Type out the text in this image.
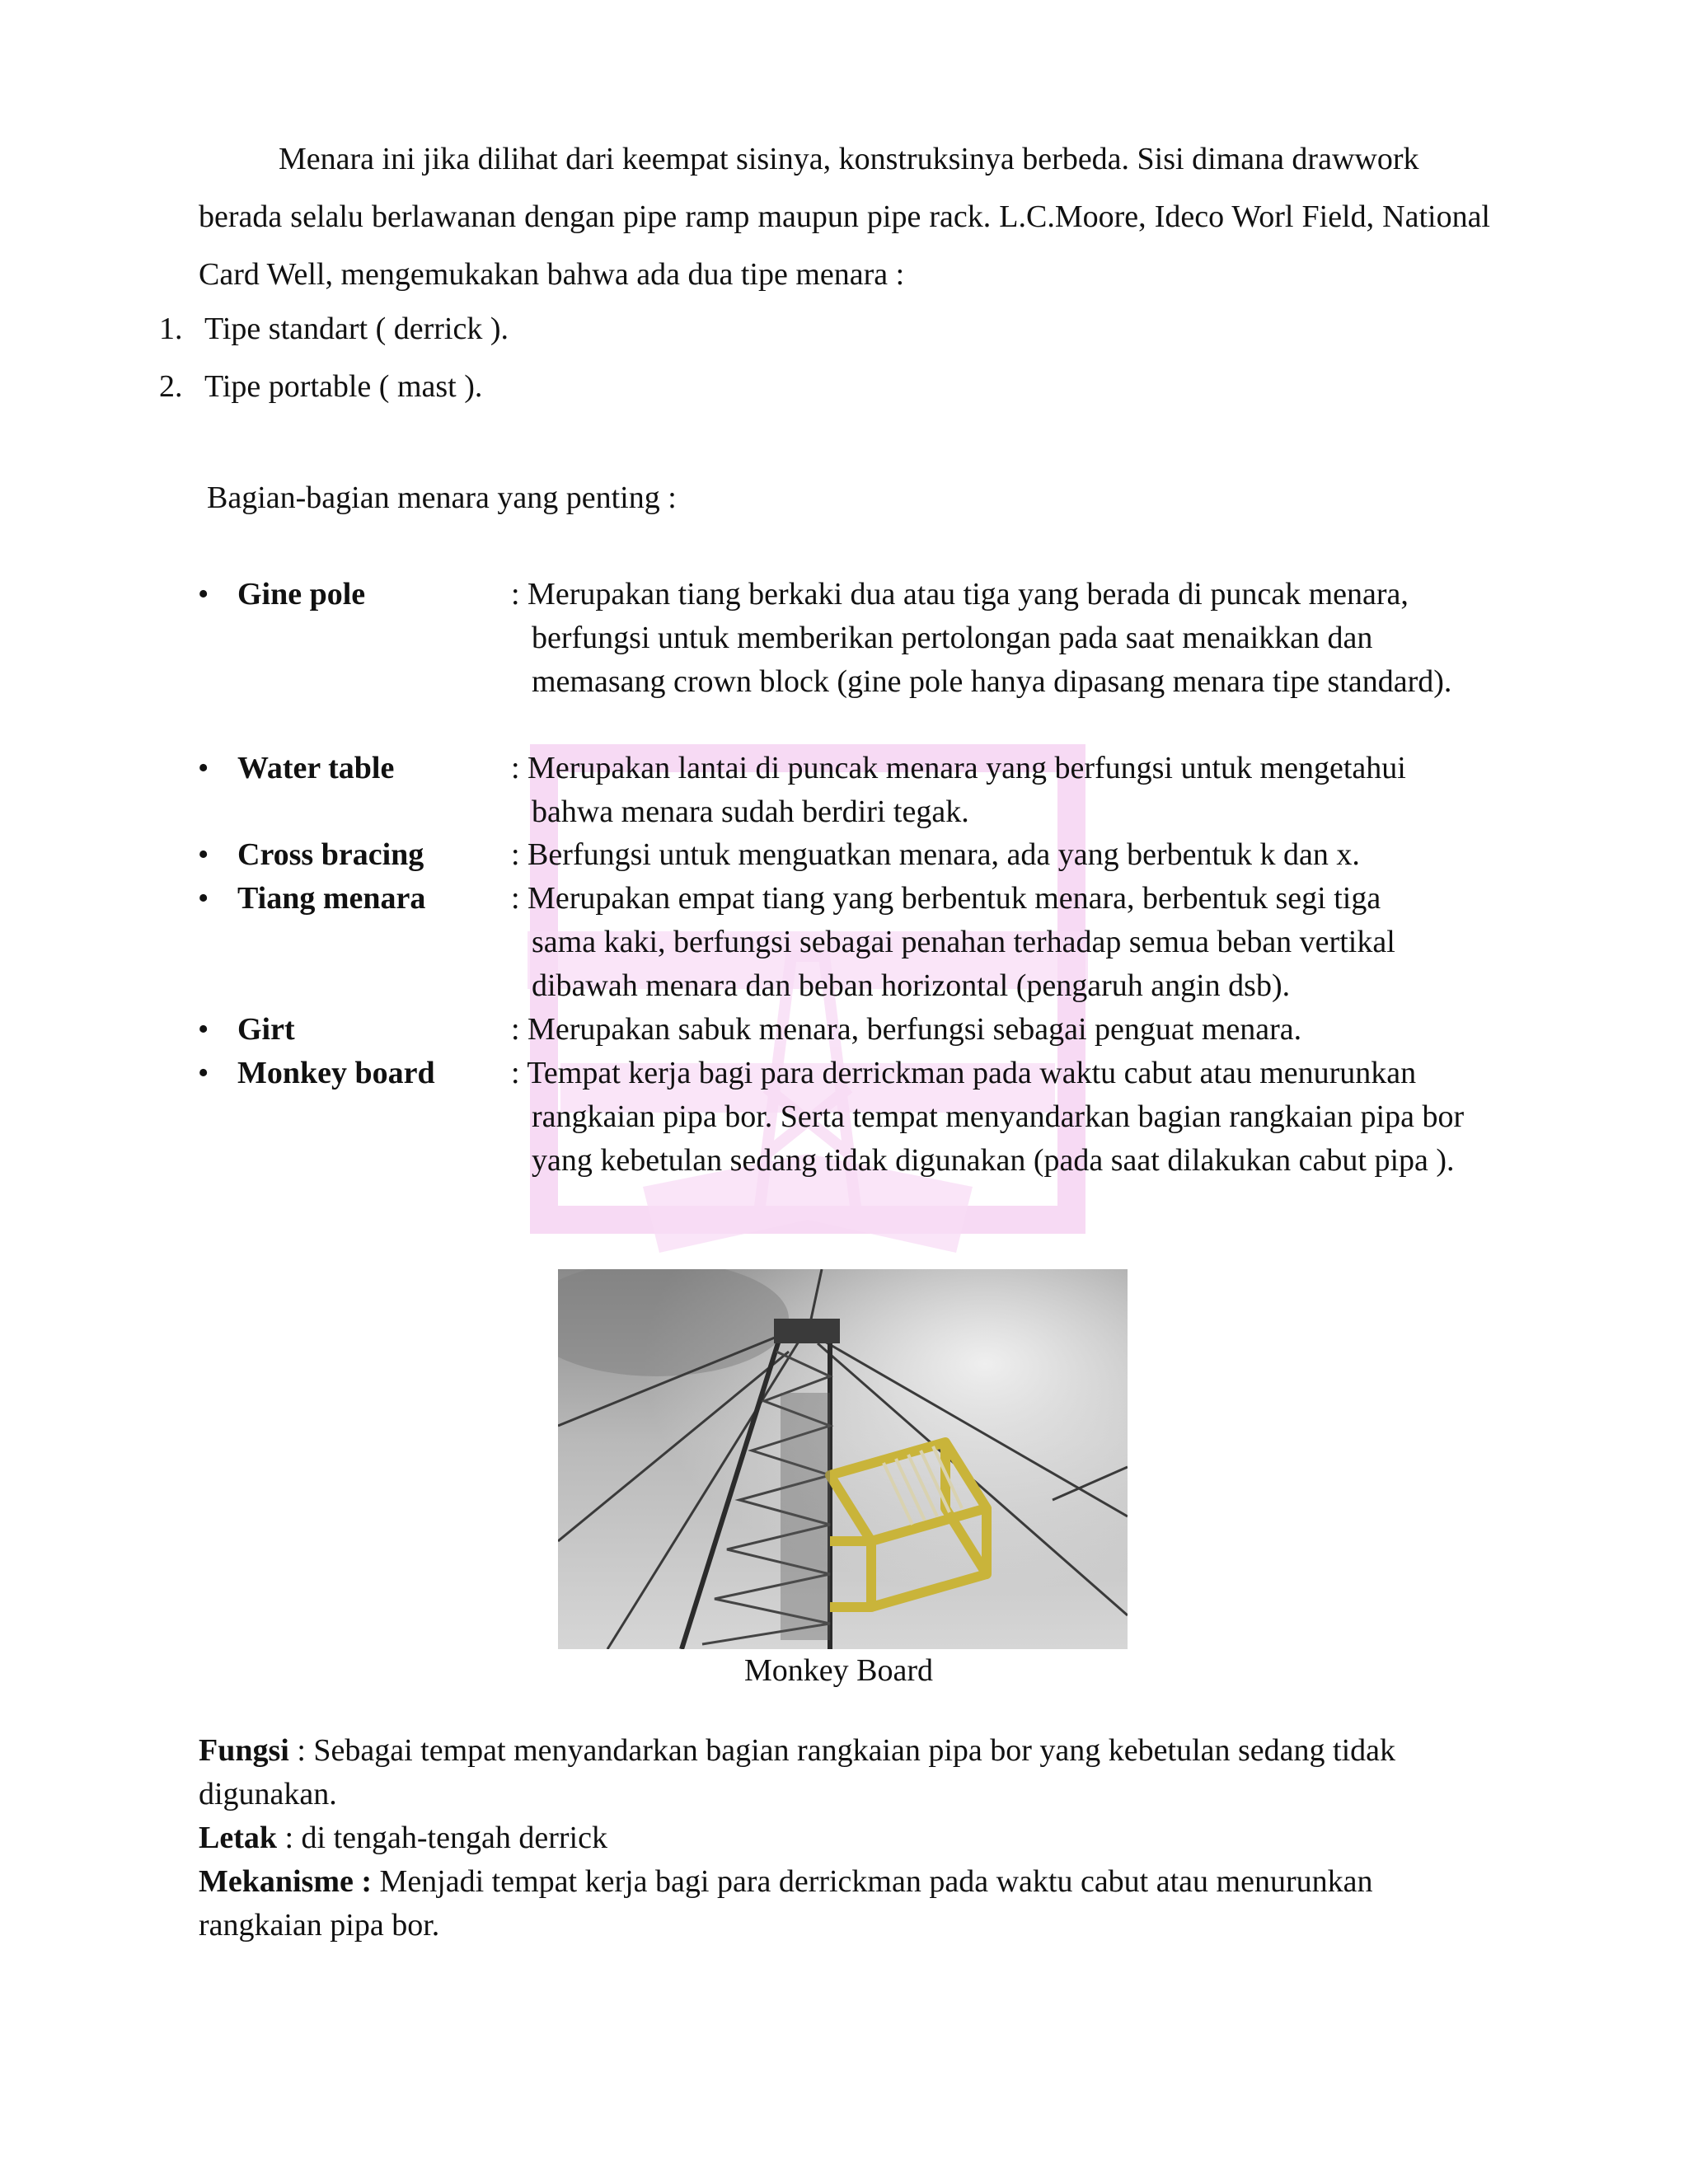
Menara ini jika dilihat dari keempat sisinya, konstruksinya berbeda. Sisi dimana drawwork
berada selalu berlawanan dengan pipe ramp maupun pipe rack. L.C.Moore, Ideco Worl Field, National Card Well, mengemukakan bahwa ada dua tipe menara :
1. Tipe standart ( derrick ).
2. Tipe portable ( mast ).
Bagian-bagian menara yang penting :
• Gine pole	: Merupakan tiang berkaki dua atau tiga yang berada di puncak menara,
berfungsi untuk memberikan pertolongan pada saat menaikkan dan memasang crown block (gine pole hanya dipasang menara tipe standard).
• Water table	: Merupakan lantai di puncak menara yang berfungsi untuk mengetahui
bahwa menara sudah berdiri tegak.
• Cross bracing	: Berfungsi untuk menguatkan menara, ada yang berbentuk k dan x.
• Tiang menara	: Merupakan empat tiang yang berbentuk menara, berbentuk segi tiga
sama kaki, berfungsi sebagai penahan terhadap semua beban vertikal dibawah menara dan beban horizontal (pengaruh angin dsb).
• Girt	: Merupakan sabuk menara, berfungsi sebagai penguat menara.
• Monkey board : Tempat kerja bagi para derrickman pada waktu cabut atau menurunkan
rangkaian pipa bor. Serta tempat menyandarkan bagian rangkaian pipa bor yang kebetulan sedang tidak digunakan (pada saat dilakukan cabut pipa ).
Monkey Board
Fungsi : Sebagai tempat menyandarkan bagian rangkaian pipa bor yang kebetulan sedang tidak digunakan.
Letak : di tengah-tengah derrick
Mekanisme : Menjadi tempat kerja bagi para derrickman pada waktu cabut atau menurunkan rangkaian pipa bor.
